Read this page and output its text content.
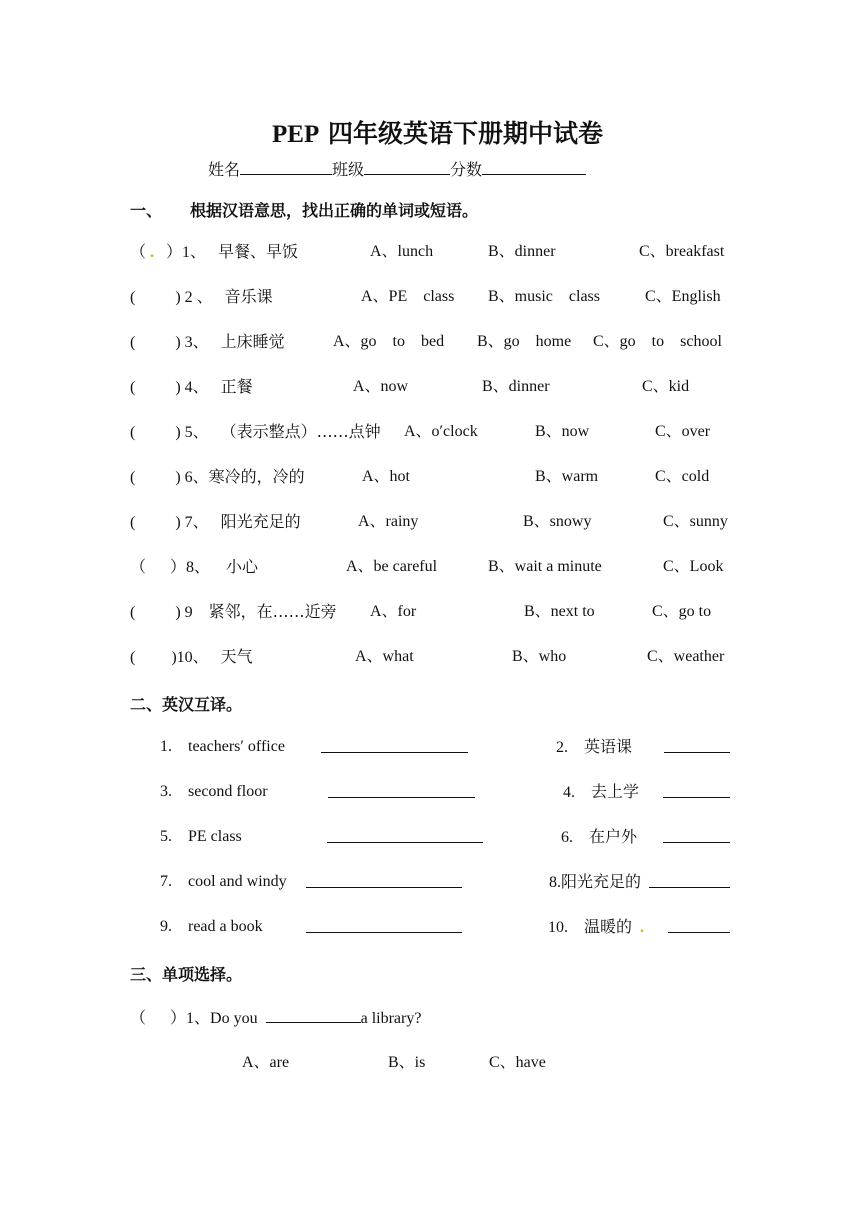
PEP 四年级英语下册期中试卷
姓名	班级	分数
一、 根据汉语意思，找出正确的单词或短语。
（ .   ）1、 早餐、早饭	A、lunch	B、dinner	C、breakfast
(          ) 2 、 音乐课	A、PE    class B、music    class	C、English
(          ) 3、 上床睡觉	A、go    to    bed B、go    home C、go    to    school
(          ) 4、 正餐	A、now	B、dinner	C、kid
(          ) 5、 （表示整点）……点钟 A、o′clock	B、now	C、over
(          ) 6、寒冷的，冷的	A、hot	B、warm	C、cold
(          ) 7、 阳光充足的	A、rainy	B、snowy	C、sunny
（      ）8、 小心	A、be careful	B、wait a minute	C、Look
(          ) 9 紧邻，在……近旁 A、for	B、next to	C、go to
(         )10、 天气	A、what	B、who	C、weather
二、英汉互译。
1. teachers′ office	2. 英语课
3. second floor	4. 去上学
5. PE class	6. 在户外
7. cool and windy	8.阳光充足的
9. read a book	10. 温暖的 .
三、单项选择。
（      ）1、Do you	a library?
A、are	B、is	C、have
